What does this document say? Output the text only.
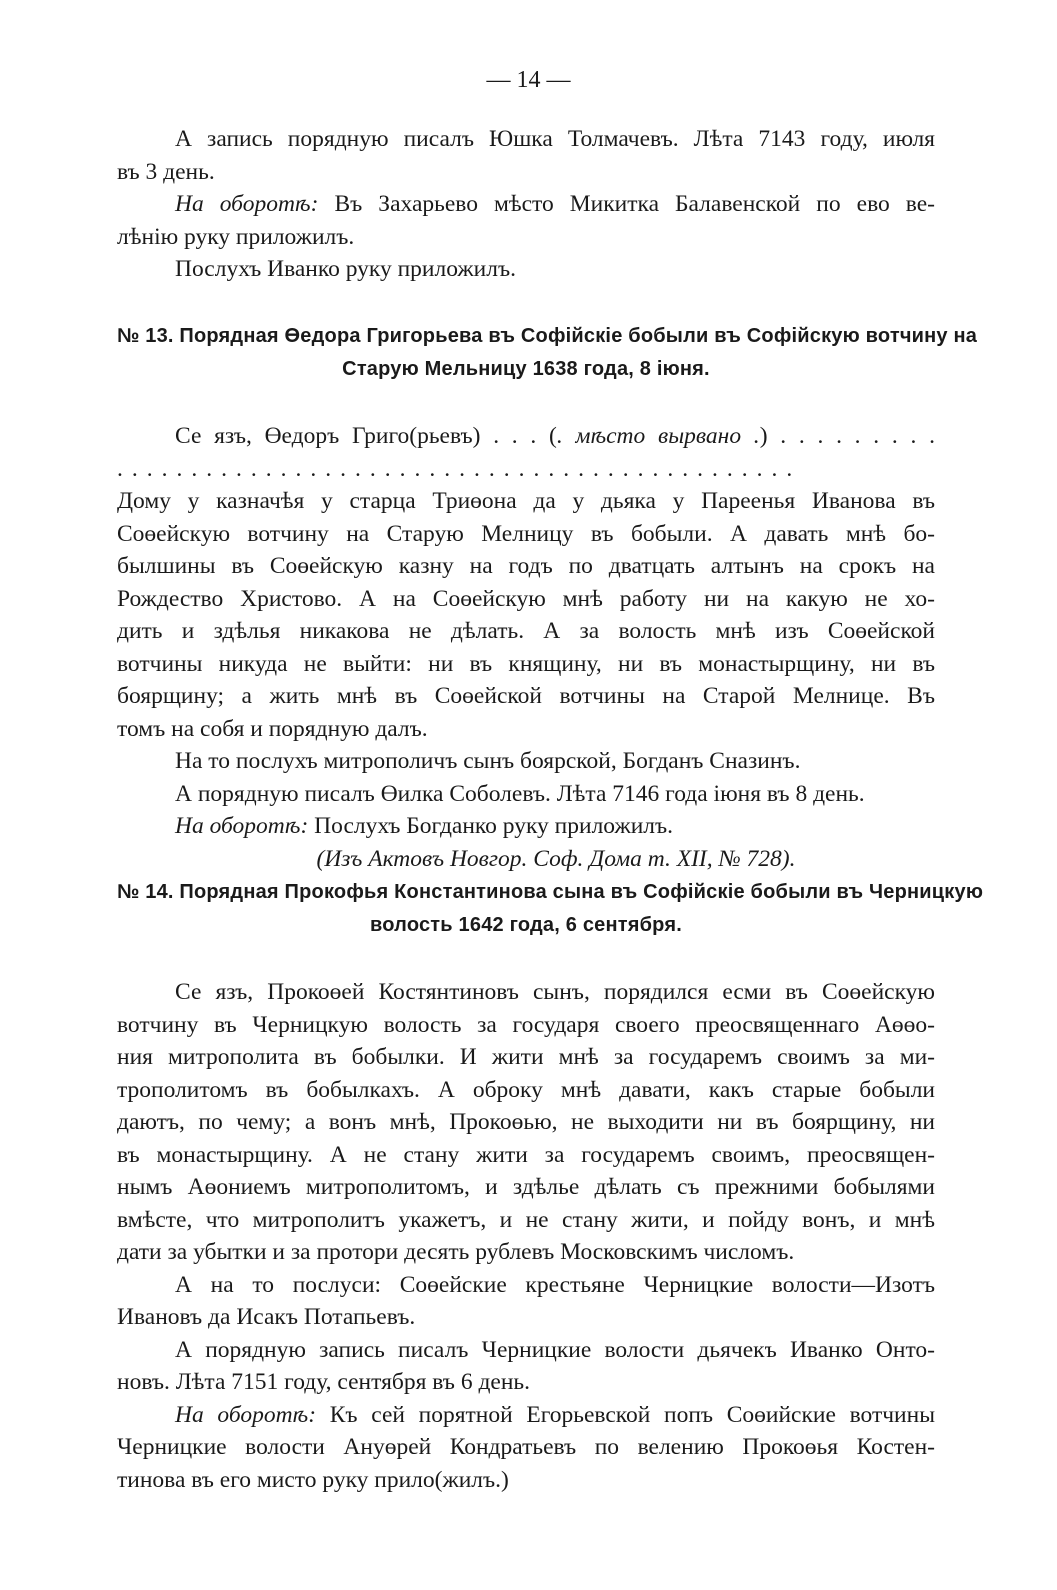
— 14 —
А запись порядную писалъ Юшка Толмачевъ. Лѣта 7143 году, июля
въ 3 день.
На оборотѣ: Въ Захарьево мѣсто Микитка Балавенской по ево ве-
лѣнію руку приложилъ.
Послухъ Иванко руку приложилъ.
№ 13. Порядная Өедора Григорьева въ Софійскіе бобыли въ Софійскую вотчину на
Старую Мельницу 1638 года, 8 іюня.
Се язъ, Өедоръ Григо(рьевъ) . . . (. мѣсто вырвано .) . . . . . . . . .
..............................................
Дому у казначѣя у старца Триөона да у дьяка у Пареенья Иванова въ
Сoөейскую вотчину на Старую Мелницу въ бобыли. А давать мнѣ бо-
былшины въ Сoөейскую казну на годъ по дватцать алтынъ на срокъ на
Рождество Христово. А на Сoөейскую мнѣ работу ни на какую не хо-
дить и здѣлья никакова не дѣлать. А за волость мнѣ изъ Сoөейской
вотчины никуда не выйти: ни въ княщину, ни въ монастырщину, ни въ
боярщину; а жить мнѣ въ Сoөейской вотчины на Старой Мелнице. Въ
томъ на собя и порядную далъ.
На то послухъ митрополичъ сынъ боярской, Богданъ Сназинъ.
А порядную писалъ Өилка Соболевъ. Лѣта 7146 года іюня въ 8 день.
На оборотѣ: Послухъ Богданко руку приложилъ.
(Изъ Актовъ Новгор. Соф. Дома т. XII, № 728).
№ 14. Порядная Прокофья Константинова сына въ Софійскіе бобыли въ Черницкую
волость 1642 года, 6 сентября.
Се язъ, Прокоөей Костянтиновъ сынъ, порядился есми въ Сoөейскую
вотчину въ Черницкую волость за государя своего преосвященнаго Аөөо-
ния митрополита въ бобылки. И жити мнѣ за государемъ своимъ за ми-
трополитомъ въ бобылкахъ. А оброку мнѣ давати, какъ старые бобыли
даютъ, по чему; а вонъ мнѣ, Прокоөью, не выходити ни въ боярщину, ни
въ монастырщину. А не стану жити за государемъ своимъ, преосвящен-
нымъ Аөониемъ митрополитомъ, и здѣлье дѣлать съ прежними бобылями
вмѣсте, что митрополитъ укажетъ, и не стану жити, и пойду вонъ, и мнѣ
дати за убытки и за протори десять рублевъ Московскимъ числомъ.
А на то послуси: Сoөейские крестьяне Черницкие волости—Изотъ
Ивановъ да Исакъ Потапьевъ.
А порядную запись писалъ Черницкие волости дьячекъ Иванко Онто-
новъ. Лѣта 7151 году, сентября въ 6 день.
На оборотѣ: Къ сей порятной Егорьевской попъ Сoөийские вотчины
Черницкие волости Ануөрей Кондратьевъ по велению Прокоөья Костен-
тинова въ его мисто руку прило(жилъ.)
